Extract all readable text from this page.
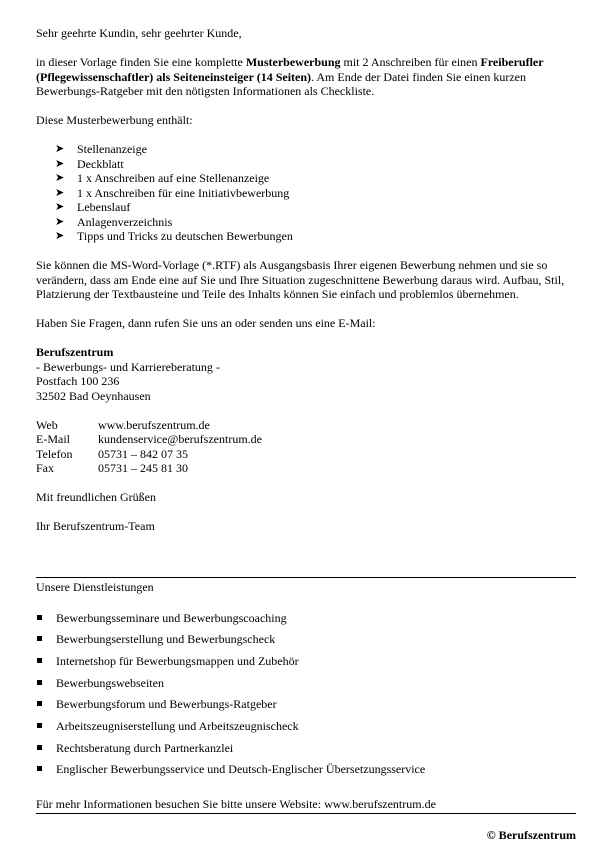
Sehr geehrte Kundin, sehr geehrter Kunde,

in dieser Vorlage finden Sie eine komplette Musterbewerbung mit 2 Anschreiben für einen Freiberufler (Pflegewissenschaftler) als Seiteneinsteiger (14 Seiten). Am Ende der Datei finden Sie einen kurzen Bewerbungs-Ratgeber mit den nötigsten Informationen als Checkliste.

Diese Musterbewerbung enthält:

➤ Stellenanzeige
➤ Deckblatt
➤ 1 x Anschreiben auf eine Stellenanzeige
➤ 1 x Anschreiben für eine Initiativbewerbung
➤ Lebenslauf
➤ Anlagenverzeichnis
➤ Tipps und Tricks zu deutschen Bewerbungen

Sie können die MS-Word-Vorlage (*.RTF) als Ausgangsbasis Ihrer eigenen Bewerbung nehmen und sie so verändern, dass am Ende eine auf Sie und Ihre Situation zugeschnittene Bewerbung daraus wird. Aufbau, Stil, Platzierung der Textbausteine und Teile des Inhalts können Sie einfach und problemlos übernehmen.

Haben Sie Fragen, dann rufen Sie uns an oder senden uns eine E-Mail:

Berufszentrum

- Bewerbungs- und Karriereberatung -

Postfach 100 236

32502 Bad Oeynhausen

Web	www.berufszentrum.de
E-Mail	kundenservice@berufszentrum.de
Telefon	05731 – 842 07 35
Fax	05731 – 245 81 30

Mit freundlichen Grüßen

Ihr Berufszentrum-Team

Unsere Dienstleistungen

Bewerbungsseminare und Bewerbungscoaching
Bewerbungserstellung und Bewerbungscheck
Internetshop für Bewerbungsmappen und Zubehör
Bewerbungswebseiten
Bewerbungsforum und Bewerbungs-Ratgeber
Arbeitszeugniserstellung und Arbeitszeugnischeck
Rechtsberatung durch Partnerkanzlei
Englischer Bewerbungsservice und Deutsch-Englischer Übersetzungsservice

Für mehr Informationen besuchen Sie bitte unsere Website: www.berufszentrum.de

© Berufszentrum
